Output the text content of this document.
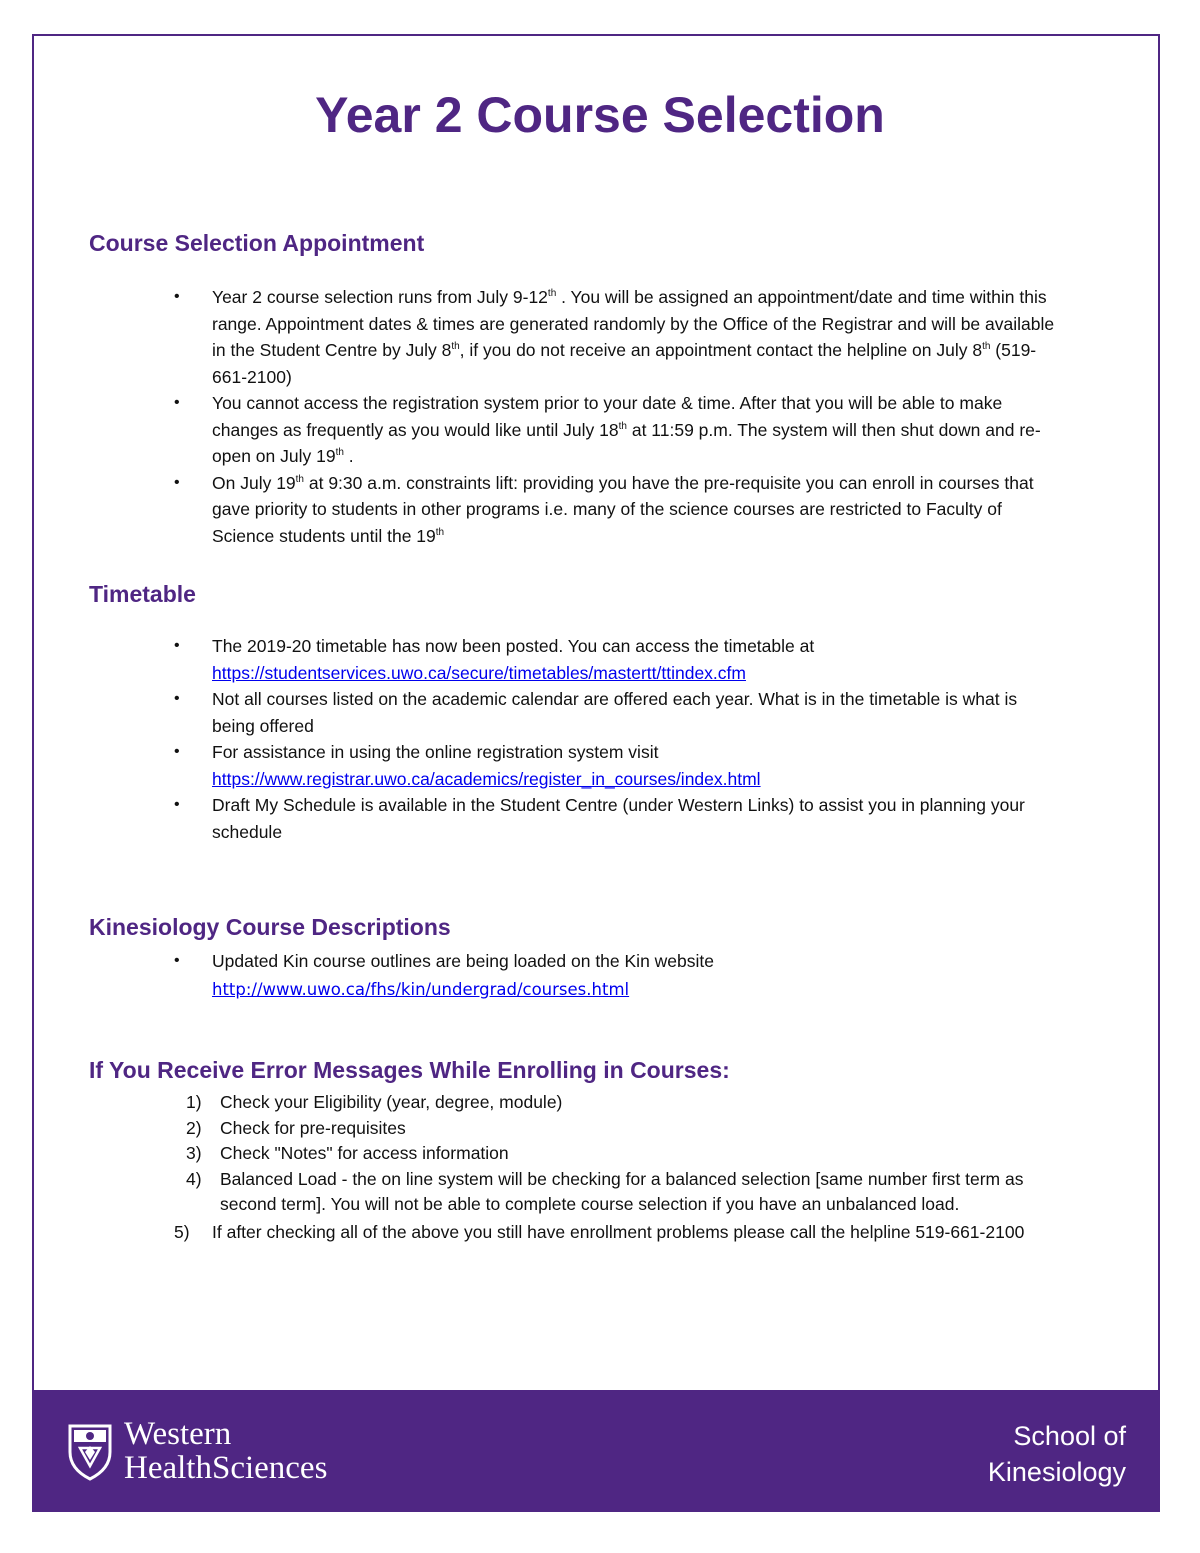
Year 2 Course Selection
Course Selection Appointment
• Year 2 course selection runs from July 9-12th . You will be assigned an appointment/date and time within this range. Appointment dates & times are generated randomly by the Office of the Registrar and will be available in the Student Centre by July 8th, if you do not receive an appointment contact the helpline on July 8th (519-661-2100)
• You cannot access the registration system prior to your date & time. After that you will be able to make changes as frequently as you would like until July 18th at 11:59 p.m. The system will then shut down and re-open on July 19th .
• On July 19th at 9:30 a.m. constraints lift: providing you have the pre-requisite you can enroll in courses that gave priority to students in other programs i.e. many of the science courses are restricted to Faculty of Science students until the 19th
Timetable
• The 2019-20 timetable has now been posted. You can access the timetable at
https://studentservices.uwo.ca/secure/timetables/mastertt/ttindex.cfm
• Not all courses listed on the academic calendar are offered each year. What is in the timetable is what is being offered
• For assistance in using the online registration system visit
https://www.registrar.uwo.ca/academics/register_in_courses/index.html
• Draft My Schedule is available in the Student Centre (under Western Links) to assist you in planning your schedule
Kinesiology Course Descriptions
• Updated Kin course outlines are being loaded on the Kin website
http://www.uwo.ca/fhs/kin/undergrad/courses.html
If You Receive Error Messages While Enrolling in Courses:
1) Check your Eligibility (year, degree, module)
2) Check for pre-requisites
3) Check "Notes" for access information
4) Balanced Load - the on line system will be checking for a balanced selection [same number first term as second term]. You will not be able to complete course selection if you have an unbalanced load.
5) If after checking all of the above you still have enrollment problems please call the helpline 519-661-2100
Western
HealthSciences
School of
Kinesiology
